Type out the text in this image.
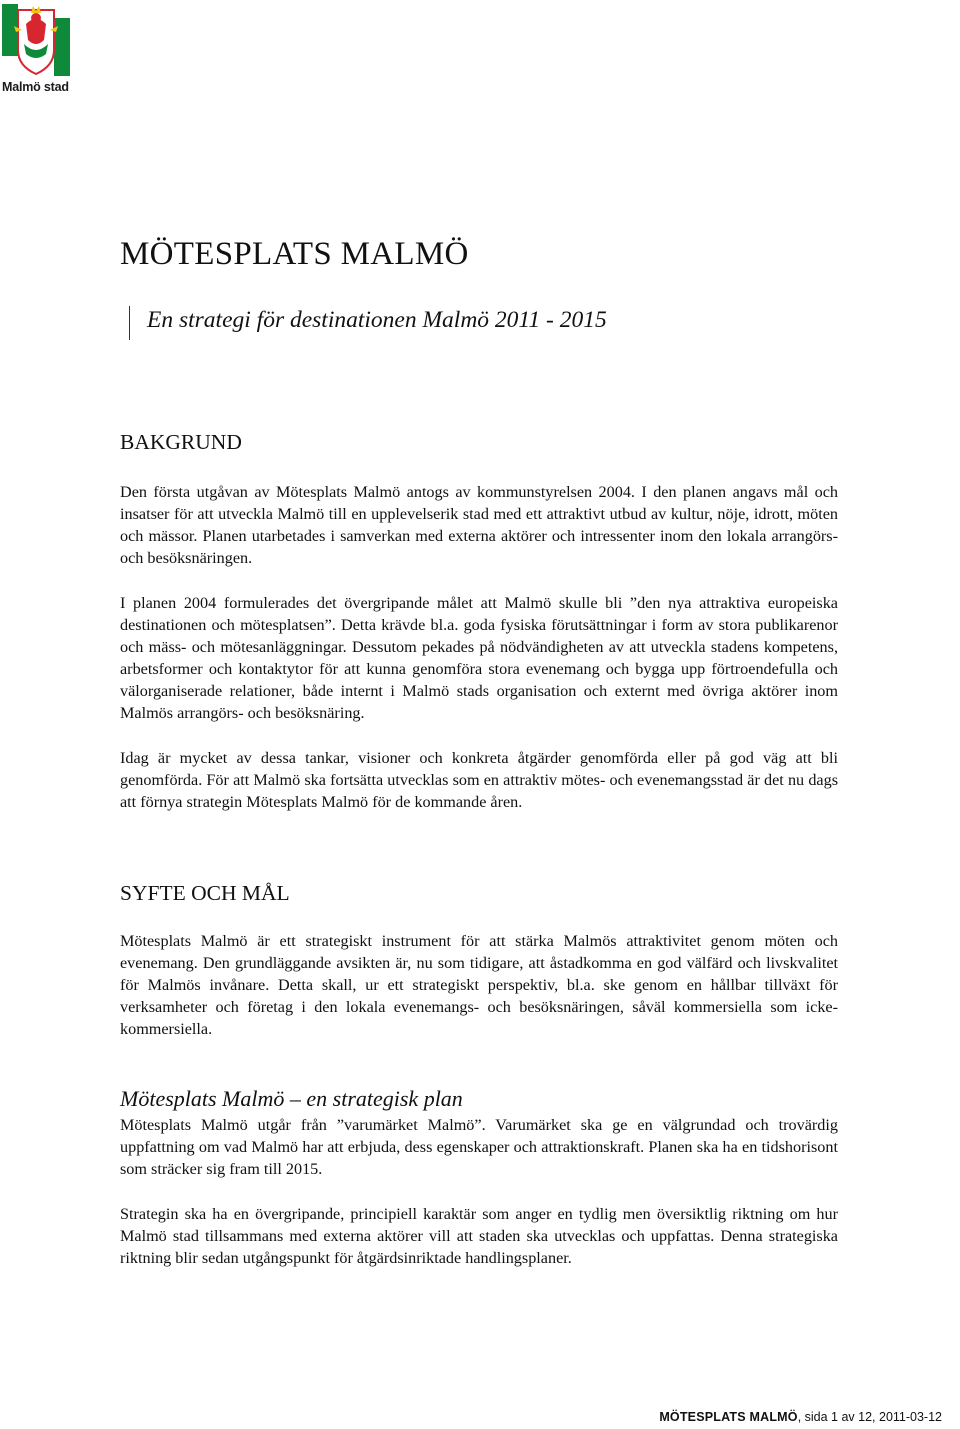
Malmö stad
MÖTESPLATS MALMÖ
En strategi för destinationen Malmö 2011 - 2015
BAKGRUND

Den första utgåvan av Mötesplats Malmö antogs av kommunstyrelsen 2004. I den planen angavs mål och insatser för att utveckla Malmö till en upplevelserik stad med ett attraktivt utbud av kultur, nöje, idrott, möten och mässor. Planen utarbetades i samverkan med externa aktörer och intressenter inom den lokala arrangörs- och besöksnäringen.

I planen 2004 formulerades det övergripande målet att Malmö skulle bli ”den nya attraktiva europeiska destinationen och mötesplatsen”. Detta krävde bl.a. goda fysiska förutsättningar i form av stora publikarenor och mäss- och mötesanläggningar. Dessutom pekades på nödvändigheten av att utveckla stadens kompetens, arbetsformer och kontaktytor för att kunna genomföra stora evenemang och bygga upp förtroendefulla och välorganiserade relationer, både internt i Malmö stads organisation och externt med övriga aktörer inom Malmös arrangörs- och besöksnäring.

Idag är mycket av dessa tankar, visioner och konkreta åtgärder genomförda eller på god väg att bli genomförda. För att Malmö ska fortsätta utvecklas som en attraktiv mötes- och evenemangsstad är det nu dags att förnya strategin Mötesplats Malmö för de kommande åren.

SYFTE OCH MÅL

Mötesplats Malmö är ett strategiskt instrument för att stärka Malmös attraktivitet genom möten och evenemang. Den grundläggande avsikten är, nu som tidigare, att åstadkomma en god välfärd och livskvalitet för Malmös invånare. Detta skall, ur ett strategiskt perspektiv, bl.a. ske genom en hållbar tillväxt för verksamheter och företag i den lokala evenemangs- och besöksnäringen, såväl kommersiella som icke-kommersiella.

Mötesplats Malmö – en strategisk plan

Mötesplats Malmö utgår från ”varumärket Malmö”. Varumärket ska ge en välgrundad och trovärdig uppfattning om vad Malmö har att erbjuda, dess egenskaper och attraktionskraft. Planen ska ha en tidshorisont som sträcker sig fram till 2015.

Strategin ska ha en övergripande, principiell karaktär som anger en tydlig men översiktlig riktning om hur Malmö stad tillsammans med externa aktörer vill att staden ska utvecklas och uppfattas. Denna strategiska riktning blir sedan utgångspunkt för åtgärdsinriktade handlingsplaner.

MÖTESPLATS MALMÖ, sida 1 av 12, 2011-03-12
